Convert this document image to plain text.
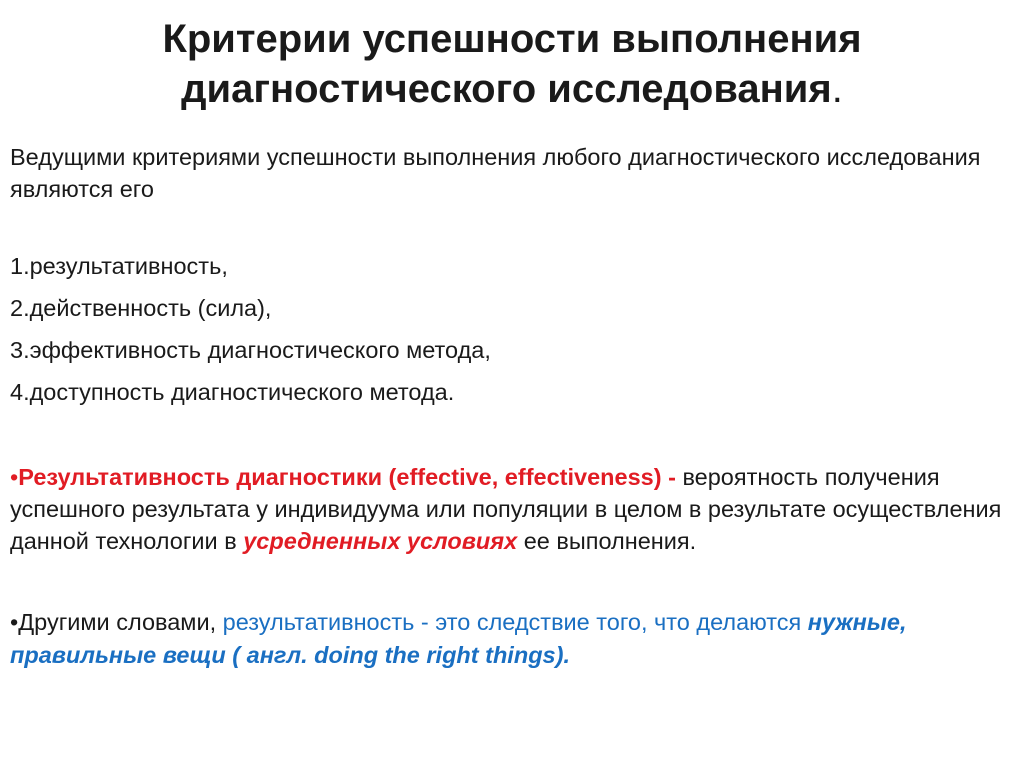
Критерии успешности выполнения
диагностического исследования.
Ведущими критериями успешности выполнения любого диагностического исследования являются его
1.результативность,
2.действенность (сила),
3.эффективность диагностического метода,
4.доступность диагностического метода.
•Результативность диагностики (effective, effectiveness) - вероятность получения успешного результата у индивидуума или популяции в целом в результате осуществления данной технологии в усредненных условиях ее выполнения.
•Другими словами, результативность - это следствие того, что делаются нужные, правильные вещи ( англ. doing the right things).
